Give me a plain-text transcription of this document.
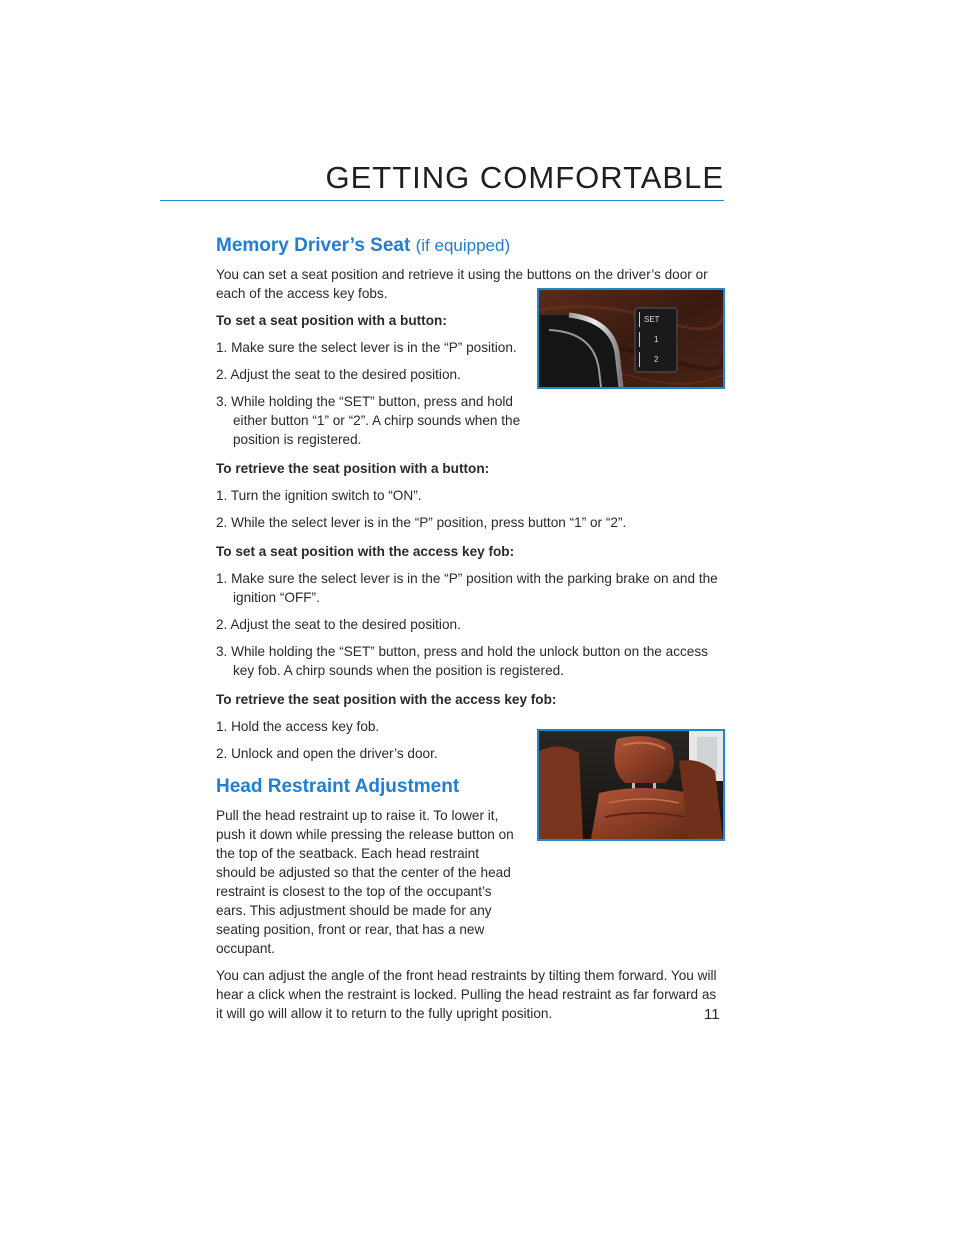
GETTING COMFORTABLE
Memory Driver’s Seat (if equipped)

You can set a seat position and retrieve it using the buttons on the driver’s door or each of the access key fobs.

To set a seat position with a button:
1. Make sure the select lever is in the “P” position.
2. Adjust the seat to the desired position.
3. While holding the “SET” button, press and hold either button “1” or “2”. A chirp sounds when the position is registered.
To retrieve the seat position with a button:
1. Turn the ignition switch to “ON”.
2. While the select lever is in the “P” position, press button “1” or “2”.
To set a seat position with the access key fob:
1. Make sure the select lever is in the “P” position with the parking brake on and the ignition “OFF”.
2. Adjust the seat to the desired position.
3. While holding the “SET” button, press and hold the unlock button on the access key fob. A chirp sounds when the position is registered.
To retrieve the seat position with the access key fob:
1. Hold the access key fob.
2. Unlock and open the driver’s door.
Head Restraint Adjustment

Pull the head restraint up to raise it. To lower it, push it down while pressing the release button on the top of the seatback. Each head restraint should be adjusted so that the center of the head restraint is closest to the top of the occupant’s ears. This adjustment should be made for any seating position, front or rear, that has a new occupant.

You can adjust the angle of the front head restraints by tilting them forward. You will hear a click when the restraint is locked. Pulling the head restraint as far forward as it will go will allow it to return to the fully upright position.

SET
1
2
11
